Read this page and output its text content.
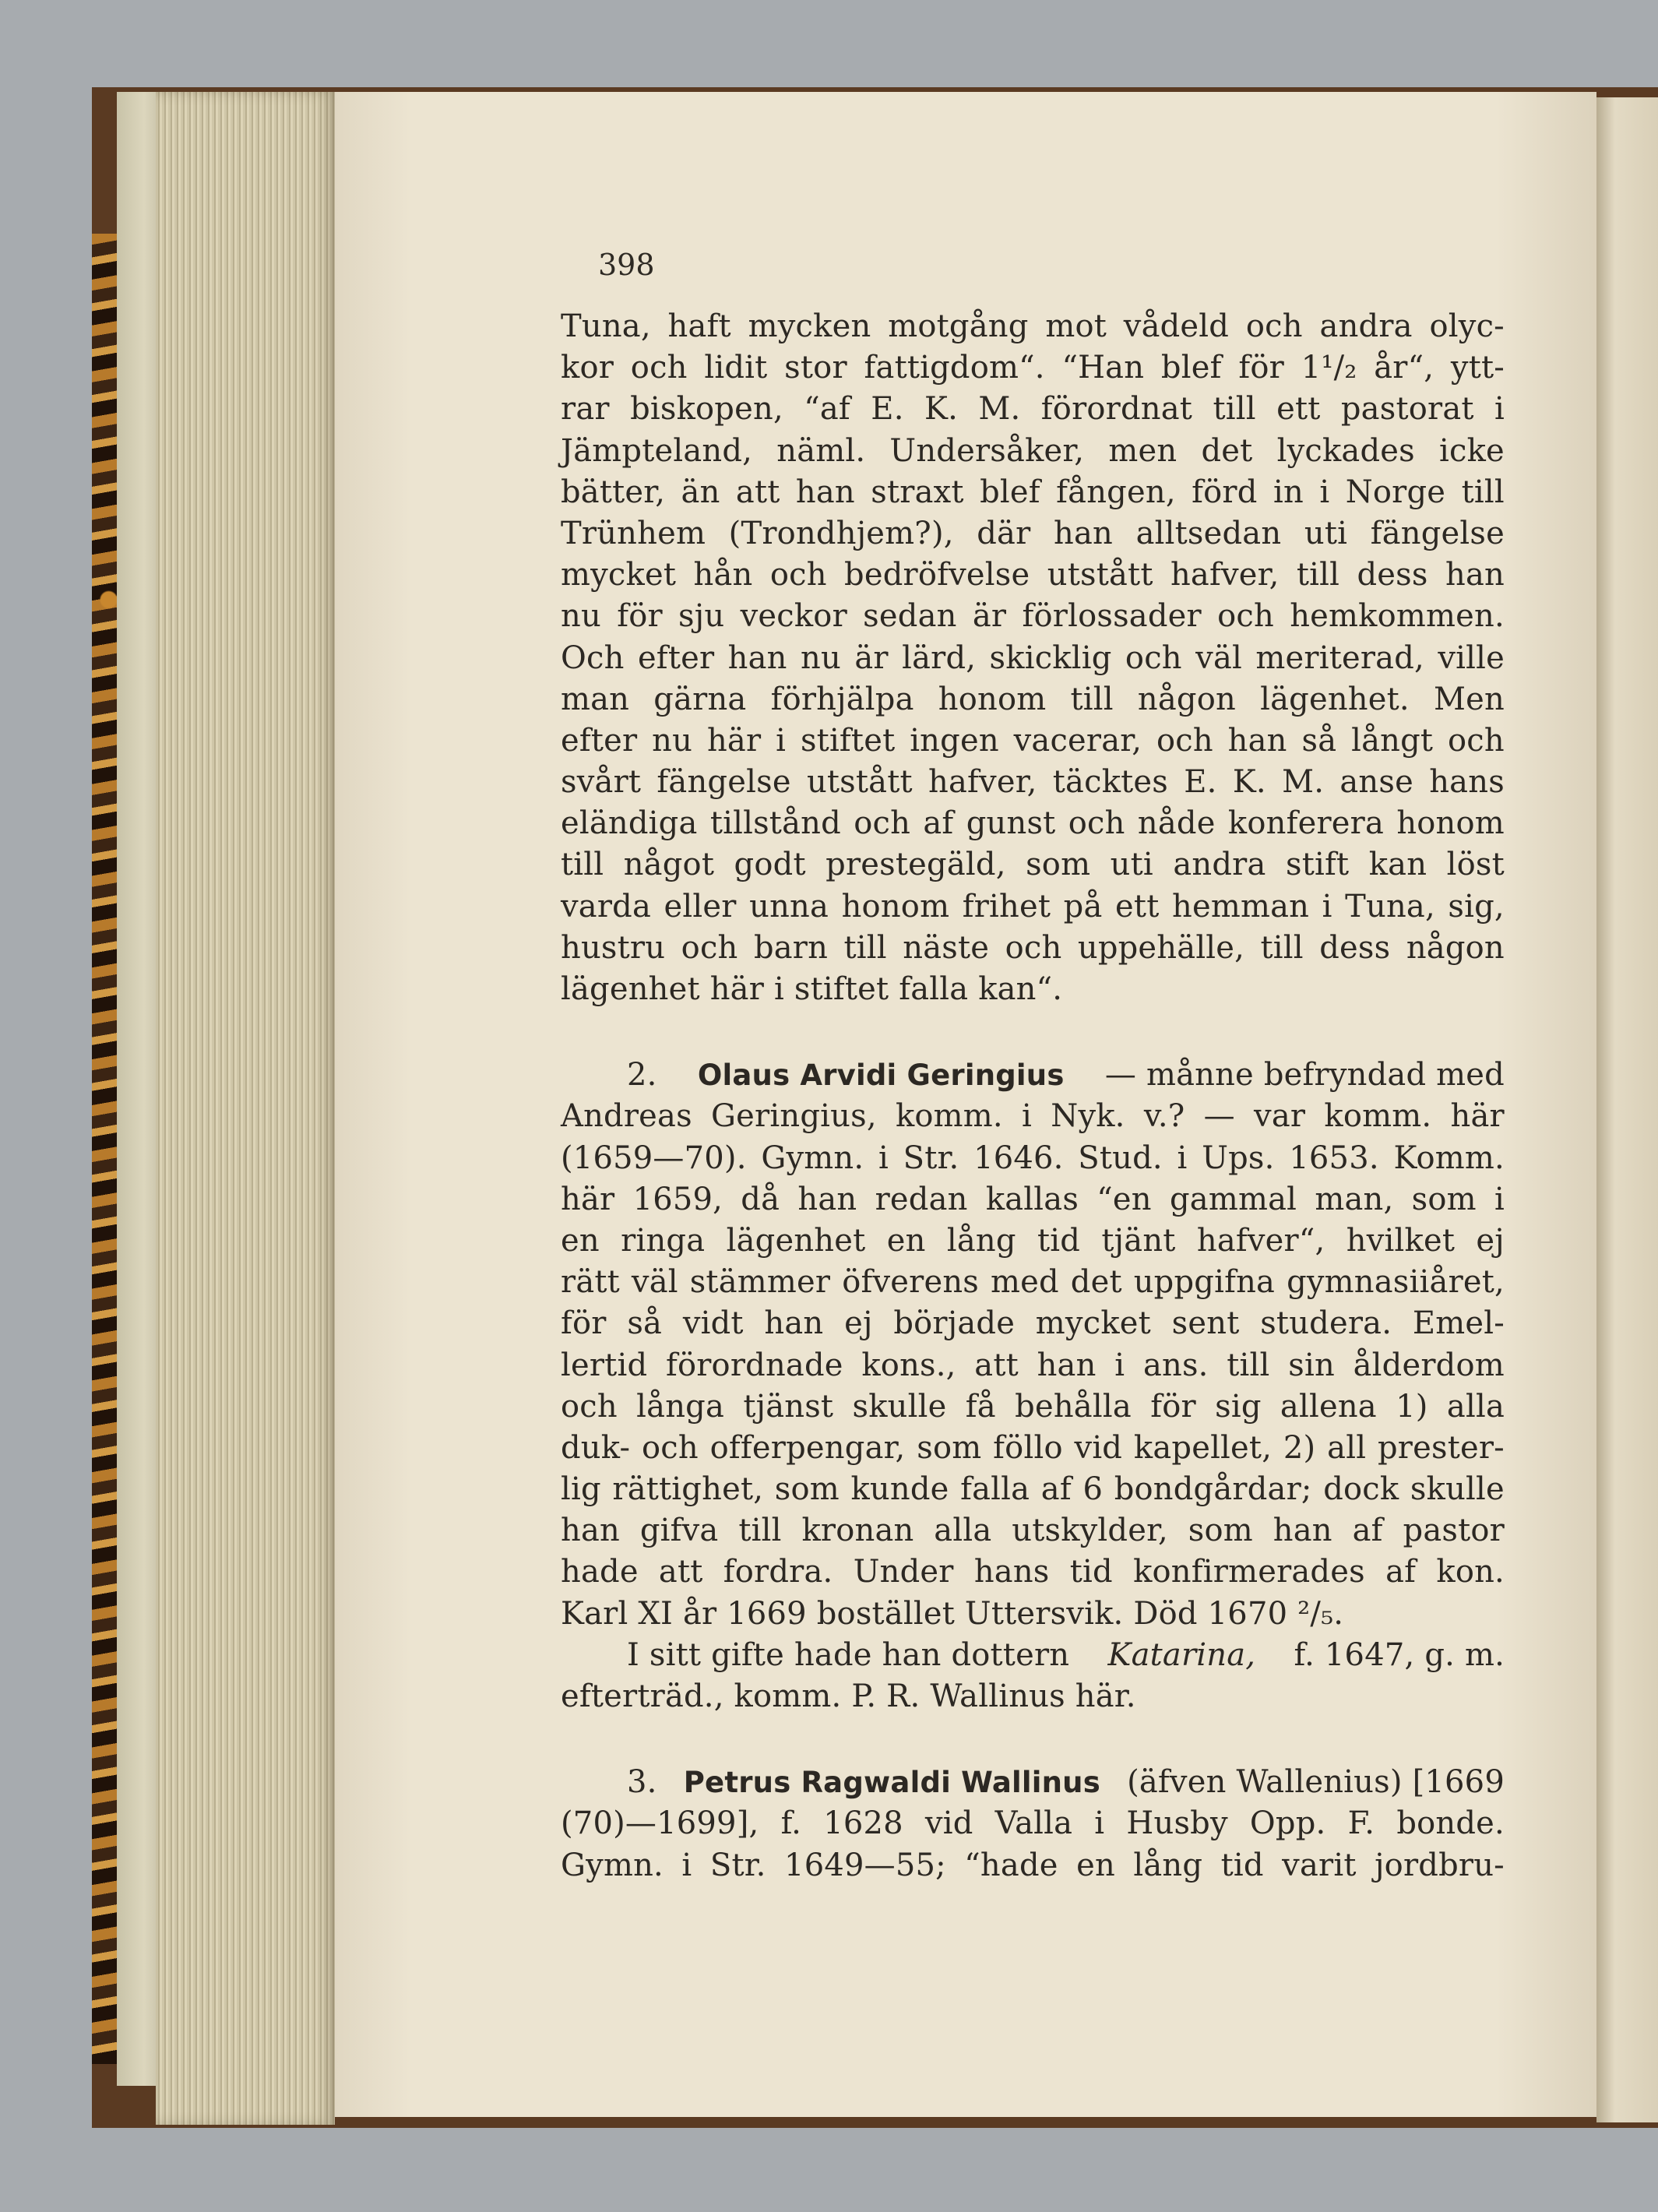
398
Tuna, haft mycken motgång mot vådeld och andra olyc-
kor och lidit stor fattigdom“. “Han blef för 1¹/₂ år“, ytt-
rar biskopen, “af E. K. M. förordnat till ett pastorat i
Jämpteland, näml. Undersåker, men det lyckades icke
bätter, än att han straxt blef fången, förd in i Norge till
Trünhem (Trondhjem?), där han alltsedan uti fängelse
mycket hån och bedröfvelse utstått hafver, till dess han
nu för sju veckor sedan är förlossader och hemkommen.
Och efter han nu är lärd, skicklig och väl meriterad, ville
man gärna förhjälpa honom till någon lägenhet. Men
efter nu här i stiftet ingen vacerar, och han så långt och
svårt fängelse utstått hafver, täcktes E. K. M. anse hans
eländiga tillstånd och af gunst och nåde konferera honom
till något godt prestegäld, som uti andra stift kan löst
varda eller unna honom frihet på ett hemman i Tuna, sig,
hustru och barn till näste och uppehälle, till dess någon
lägenhet här i stiftet falla kan“.
2. Olaus Arvidi Geringius — månne befryndad med
Andreas Geringius, komm. i Nyk. v.? — var komm. här
(1659—70). Gymn. i Str. 1646. Stud. i Ups. 1653. Komm.
här 1659, då han redan kallas “en gammal man, som i
en ringa lägenhet en lång tid tjänt hafver“, hvilket ej
rätt väl stämmer öfverens med det uppgifna gymnasiiåret,
för så vidt han ej började mycket sent studera. Emel-
lertid förordnade kons., att han i ans. till sin ålderdom
och långa tjänst skulle få behålla för sig allena 1) alla
duk- och offerpengar, som föllo vid kapellet, 2) all prester-
lig rättighet, som kunde falla af 6 bondgårdar; dock skulle
han gifva till kronan alla utskylder, som han af pastor
hade att fordra. Under hans tid konfirmerades af kon.
Karl XI år 1669 bostället Uttersvik. Död 1670 ²/₅.
I sitt gifte hade han dottern Katarina, f. 1647, g. m.
efterträd., komm. P. R. Wallinus här.
3. Petrus Ragwaldi Wallinus (äfven Wallenius) [1669
(70)—1699], f. 1628 vid Valla i Husby Opp. F. bonde.
Gymn. i Str. 1649—55; “hade en lång tid varit jordbru-
